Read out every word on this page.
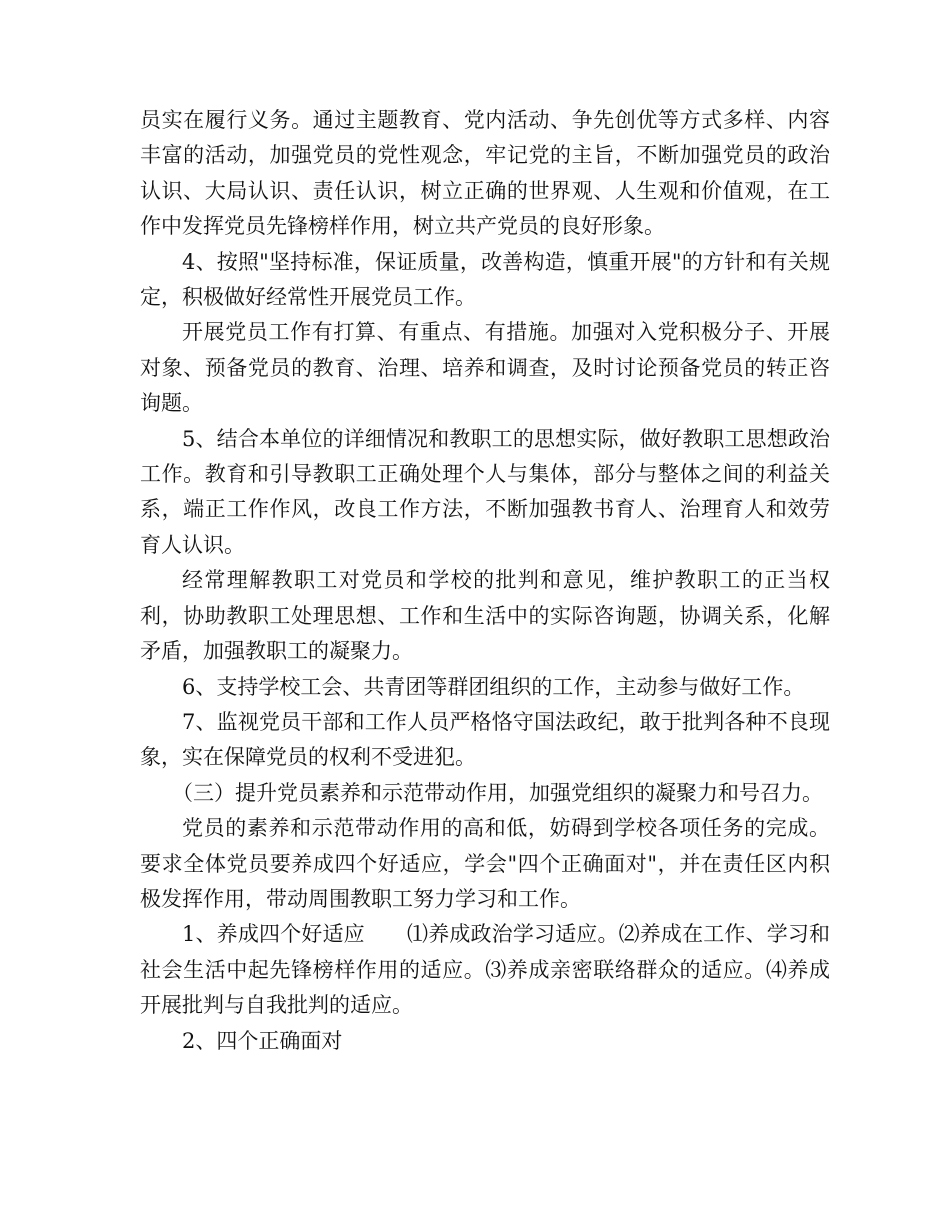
员实在履行义务。通过主题教育、党内活动、争先创优等方式多样、内容丰富的活动，加强党员的党性观念，牢记党的主旨，不断加强党员的政治认识、大局认识、责任认识，树立正确的世界观、人生观和价值观，在工作中发挥党员先锋榜样作用，树立共产党员的良好形象。

4、按照"坚持标准，保证质量，改善构造，慎重开展"的方针和有关规定，积极做好经常性开展党员工作。

开展党员工作有打算、有重点、有措施。加强对入党积极分子、开展对象、预备党员的教育、治理、培养和调查，及时讨论预备党员的转正咨询题。

5、结合本单位的详细情况和教职工的思想实际，做好教职工思想政治工作。教育和引导教职工正确处理个人与集体，部分与整体之间的利益关系，端正工作作风，改良工作方法，不断加强教书育人、治理育人和效劳育人认识。

经常理解教职工对党员和学校的批判和意见，维护教职工的正当权利，协助教职工处理思想、工作和生活中的实际咨询题，协调关系，化解矛盾，加强教职工的凝聚力。

6、支持学校工会、共青团等群团组织的工作，主动参与做好工作。

7、监视党员干部和工作人员严格恪守国法政纪，敢于批判各种不良现象，实在保障党员的权利不受进犯。

（三）提升党员素养和示范带动作用，加强党组织的凝聚力和号召力。

党员的素养和示范带动作用的高和低，妨碍到学校各项任务的完成。要求全体党员要养成四个好适应，学会"四个正确面对"，并在责任区内积极发挥作用，带动周围教职工努力学习和工作。

1、养成四个好适应　　⑴养成政治学习适应。⑵养成在工作、学习和社会生活中起先锋榜样作用的适应。⑶养成亲密联络群众的适应。⑷养成开展批判与自我批判的适应。

2、四个正确面对
